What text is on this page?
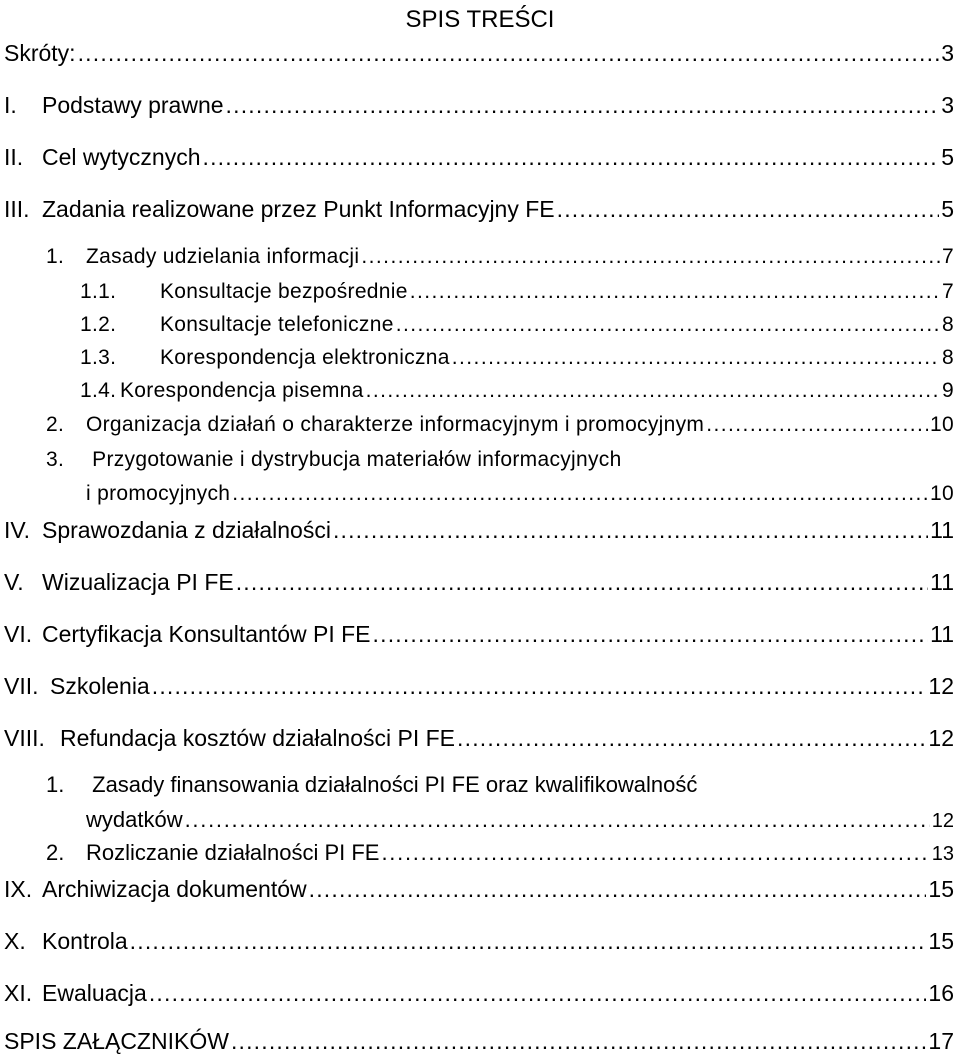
SPIS TREŚCI
Skróty: . . .	3
I.	Podstawy prawne . . .	3
II. Cel wytycznych . . .	5
III. Zadania realizowane przez Punkt Informacyjny FE . . .	5
1.	Zasady udzielania informacji . . .	7
1.1.	Konsultacje bezpośrednie . . .	7
1.2.	Konsultacje telefoniczne . . .	8
1.3.	Korespondencja elektroniczna . . .	8
1.4. Korespondencja pisemna . . .	9
2.	Organizacja działań o charakterze informacyjnym i promocyjnym . . .	10
3. Przygotowanie i dystrybucja materiałów informacyjnych
i promocyjnych . . .	10
IV. Sprawozdania z działalności . . .	11
V. Wizualizacja PI FE . . .	11
VI. Certyfikacja Konsultantów PI FE . . .	11
VII. Szkolenia . . .	12
VIII. Refundacja kosztów działalności PI FE . . .	12
1. Zasady finansowania działalności PI FE oraz kwalifikowalność
wydatków . . .	12
2. Rozliczanie działalności PI FE . . .	13
IX. Archiwizacja dokumentów . . .	15
X. Kontrola . . .	15
XI. Ewaluacja . . .	16
SPIS ZAŁĄCZNIKÓW . . .	17
